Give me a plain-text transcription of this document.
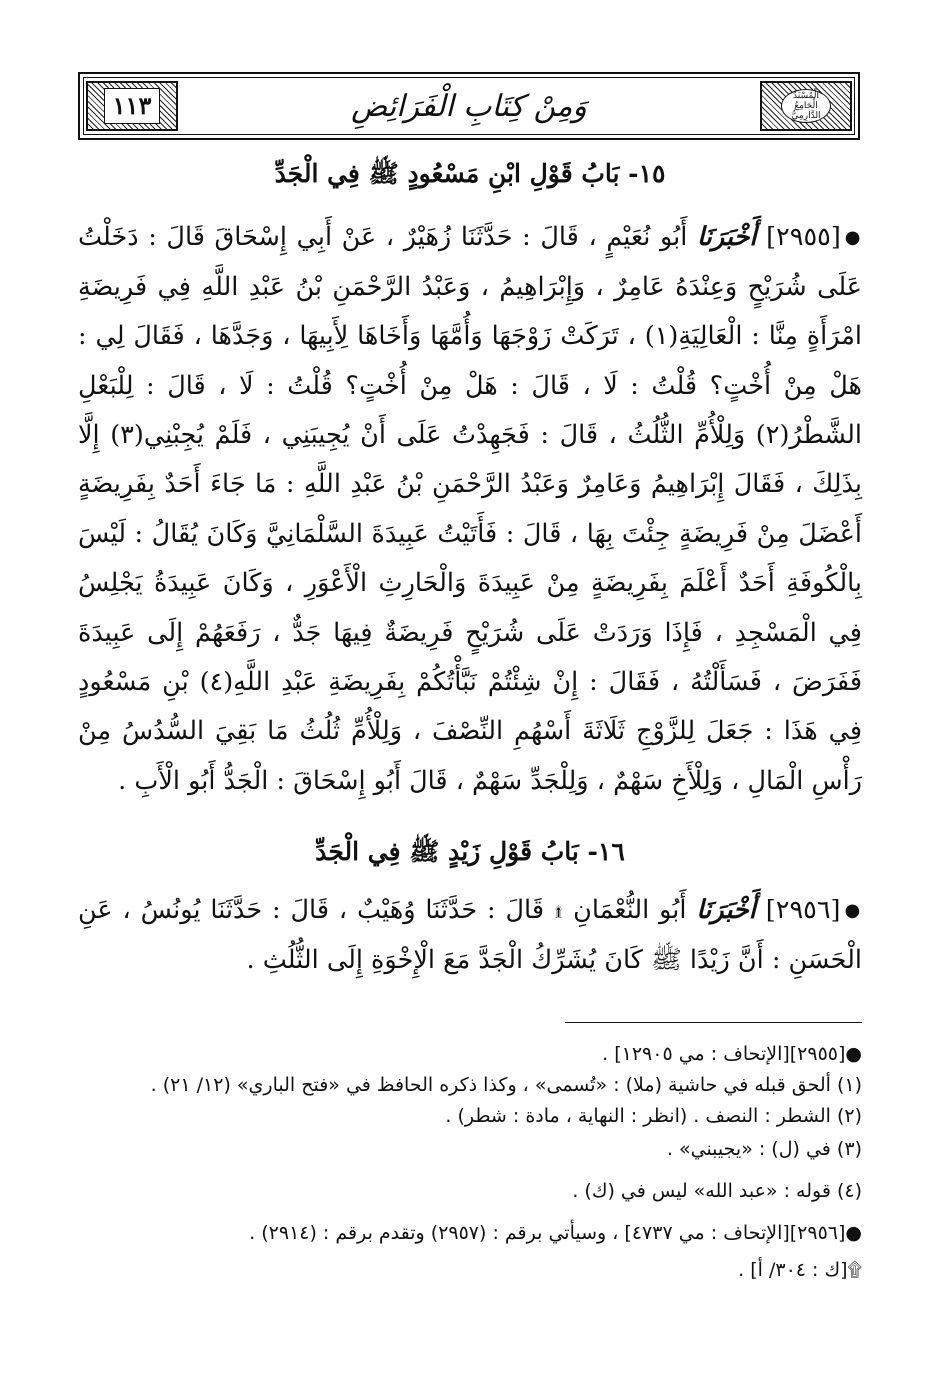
١١٣	وَمِنْ كِتَابِ الْفَرَائِضِ	الْمُسْنَدُ الْجَامِعُ الدَّارِمِيُّ
١٥- بَابُ قَوْلِ ابْنِ مَسْعُودٍ ﷺ فِي الْجَدِّ
●[٢٩٥٥] أَخْبَرَنَا أَبُو نُعَيْمٍ ، قَالَ : حَدَّثَنَا زُهَيْرٌ ، عَنْ أَبِي إِسْحَاقَ قَالَ : دَخَلْتُ عَلَى شُرَيْحٍ وَعِنْدَهُ عَامِرٌ ، وَإِبْرَاهِيمُ ، وَعَبْدُ الرَّحْمَنِ بْنُ عَبْدِ اللَّهِ فِي فَرِيضَةِ امْرَأَةٍ مِنَّا : الْعَالِيَةِ(١) ، تَرَكَتْ زَوْجَهَا وَأُمَّهَا وَأَخَاهَا لِأَبِيهَا ، وَجَدَّهَا ، فَقَالَ لِي : هَلْ مِنْ أُخْتٍ؟ قُلْتُ : لَا ، قَالَ : هَلْ مِنْ أُخْتٍ؟ قُلْتُ : لَا ، قَالَ : لِلْبَعْلِ الشَّطْرُ(٢) وَلِلْأُمِّ الثُّلُثُ ، قَالَ : فَجَهِدْتُ عَلَى أَنْ يُجِيبَنِي ، فَلَمْ يُجِبْنِي(٣) إِلَّا بِذَلِكَ ، فَقَالَ إِبْرَاهِيمُ وَعَامِرٌ وَعَبْدُ الرَّحْمَنِ بْنُ عَبْدِ اللَّهِ : مَا جَاءَ أَحَدٌ بِفَرِيضَةٍ أَعْضَلَ مِنْ فَرِيضَةٍ جِئْتَ بِهَا ، قَالَ : فَأَتَيْتُ عَبِيدَةَ السَّلْمَانِيَّ وَكَانَ يُقَالُ : لَيْسَ بِالْكُوفَةِ أَحَدٌ أَعْلَمَ بِفَرِيضَةٍ مِنْ عَبِيدَةَ وَالْحَارِثِ الْأَعْوَرِ ، وَكَانَ عَبِيدَةُ يَجْلِسُ فِي الْمَسْجِدِ ، فَإِذَا وَرَدَتْ عَلَى شُرَيْحٍ فَرِيضَةٌ فِيهَا جَدٌّ ، رَفَعَهُمْ إِلَى عَبِيدَةَ فَفَرَضَ ، فَسَأَلْتُهُ ، فَقَالَ : إِنْ شِئْتُمْ نَبَّأْتُكُمْ بِفَرِيضَةِ عَبْدِ اللَّهِ(٤) بْنِ مَسْعُودٍ فِي هَذَا : جَعَلَ لِلزَّوْجِ ثَلَاثَةَ أَسْهُمِ النِّصْفَ ، وَلِلْأُمِّ ثُلُثُ مَا بَقِيَ السُّدُسُ مِنْ رَأْسِ الْمَالِ ، وَلِلْأَخِ سَهْمٌ ، وَلِلْجَدِّ سَهْمٌ ، قَالَ أَبُو إِسْحَاقَ : الْجَدُّ أَبُو الْأَبِ .
١٦- بَابُ قَوْلِ زَيْدٍ ﷺ فِي الْجَدِّ
●[٢٩٥٦] أَخْبَرَنَا أَبُو النُّعْمَانِ ۩ قَالَ : حَدَّثَنَا وُهَيْبٌ ، قَالَ : حَدَّثَنَا يُونُسُ ، عَنِ الْحَسَنِ : أَنَّ زَيْدًا ﷺ كَانَ يُشَرِّكُ الْجَدَّ مَعَ الْإِخْوَةِ إِلَى الثُّلُثِ .
●[٢٩٥٥][الإتحاف : مي ١٢٩٠٥] .
(١) ألحق قبله في حاشية (ملا) : «تُسمى» ، وكذا ذكره الحافظ في «فتح الباري» (١٢/ ٢١) .
(٢) الشطر : النصف . (انظر : النهاية ، مادة : شطر) .
(٣) في (ل) : «يجيبني» .
(٤) قوله : «عبد الله» ليس في (ك) .
●[٢٩٥٦][الإتحاف : مي ٤٧٣٧] ، وسيأتي برقم : (٢٩٥٧) وتقدم برقم : (٢٩١٤) .
۩[ك : ٣٠٤/ أ] .
